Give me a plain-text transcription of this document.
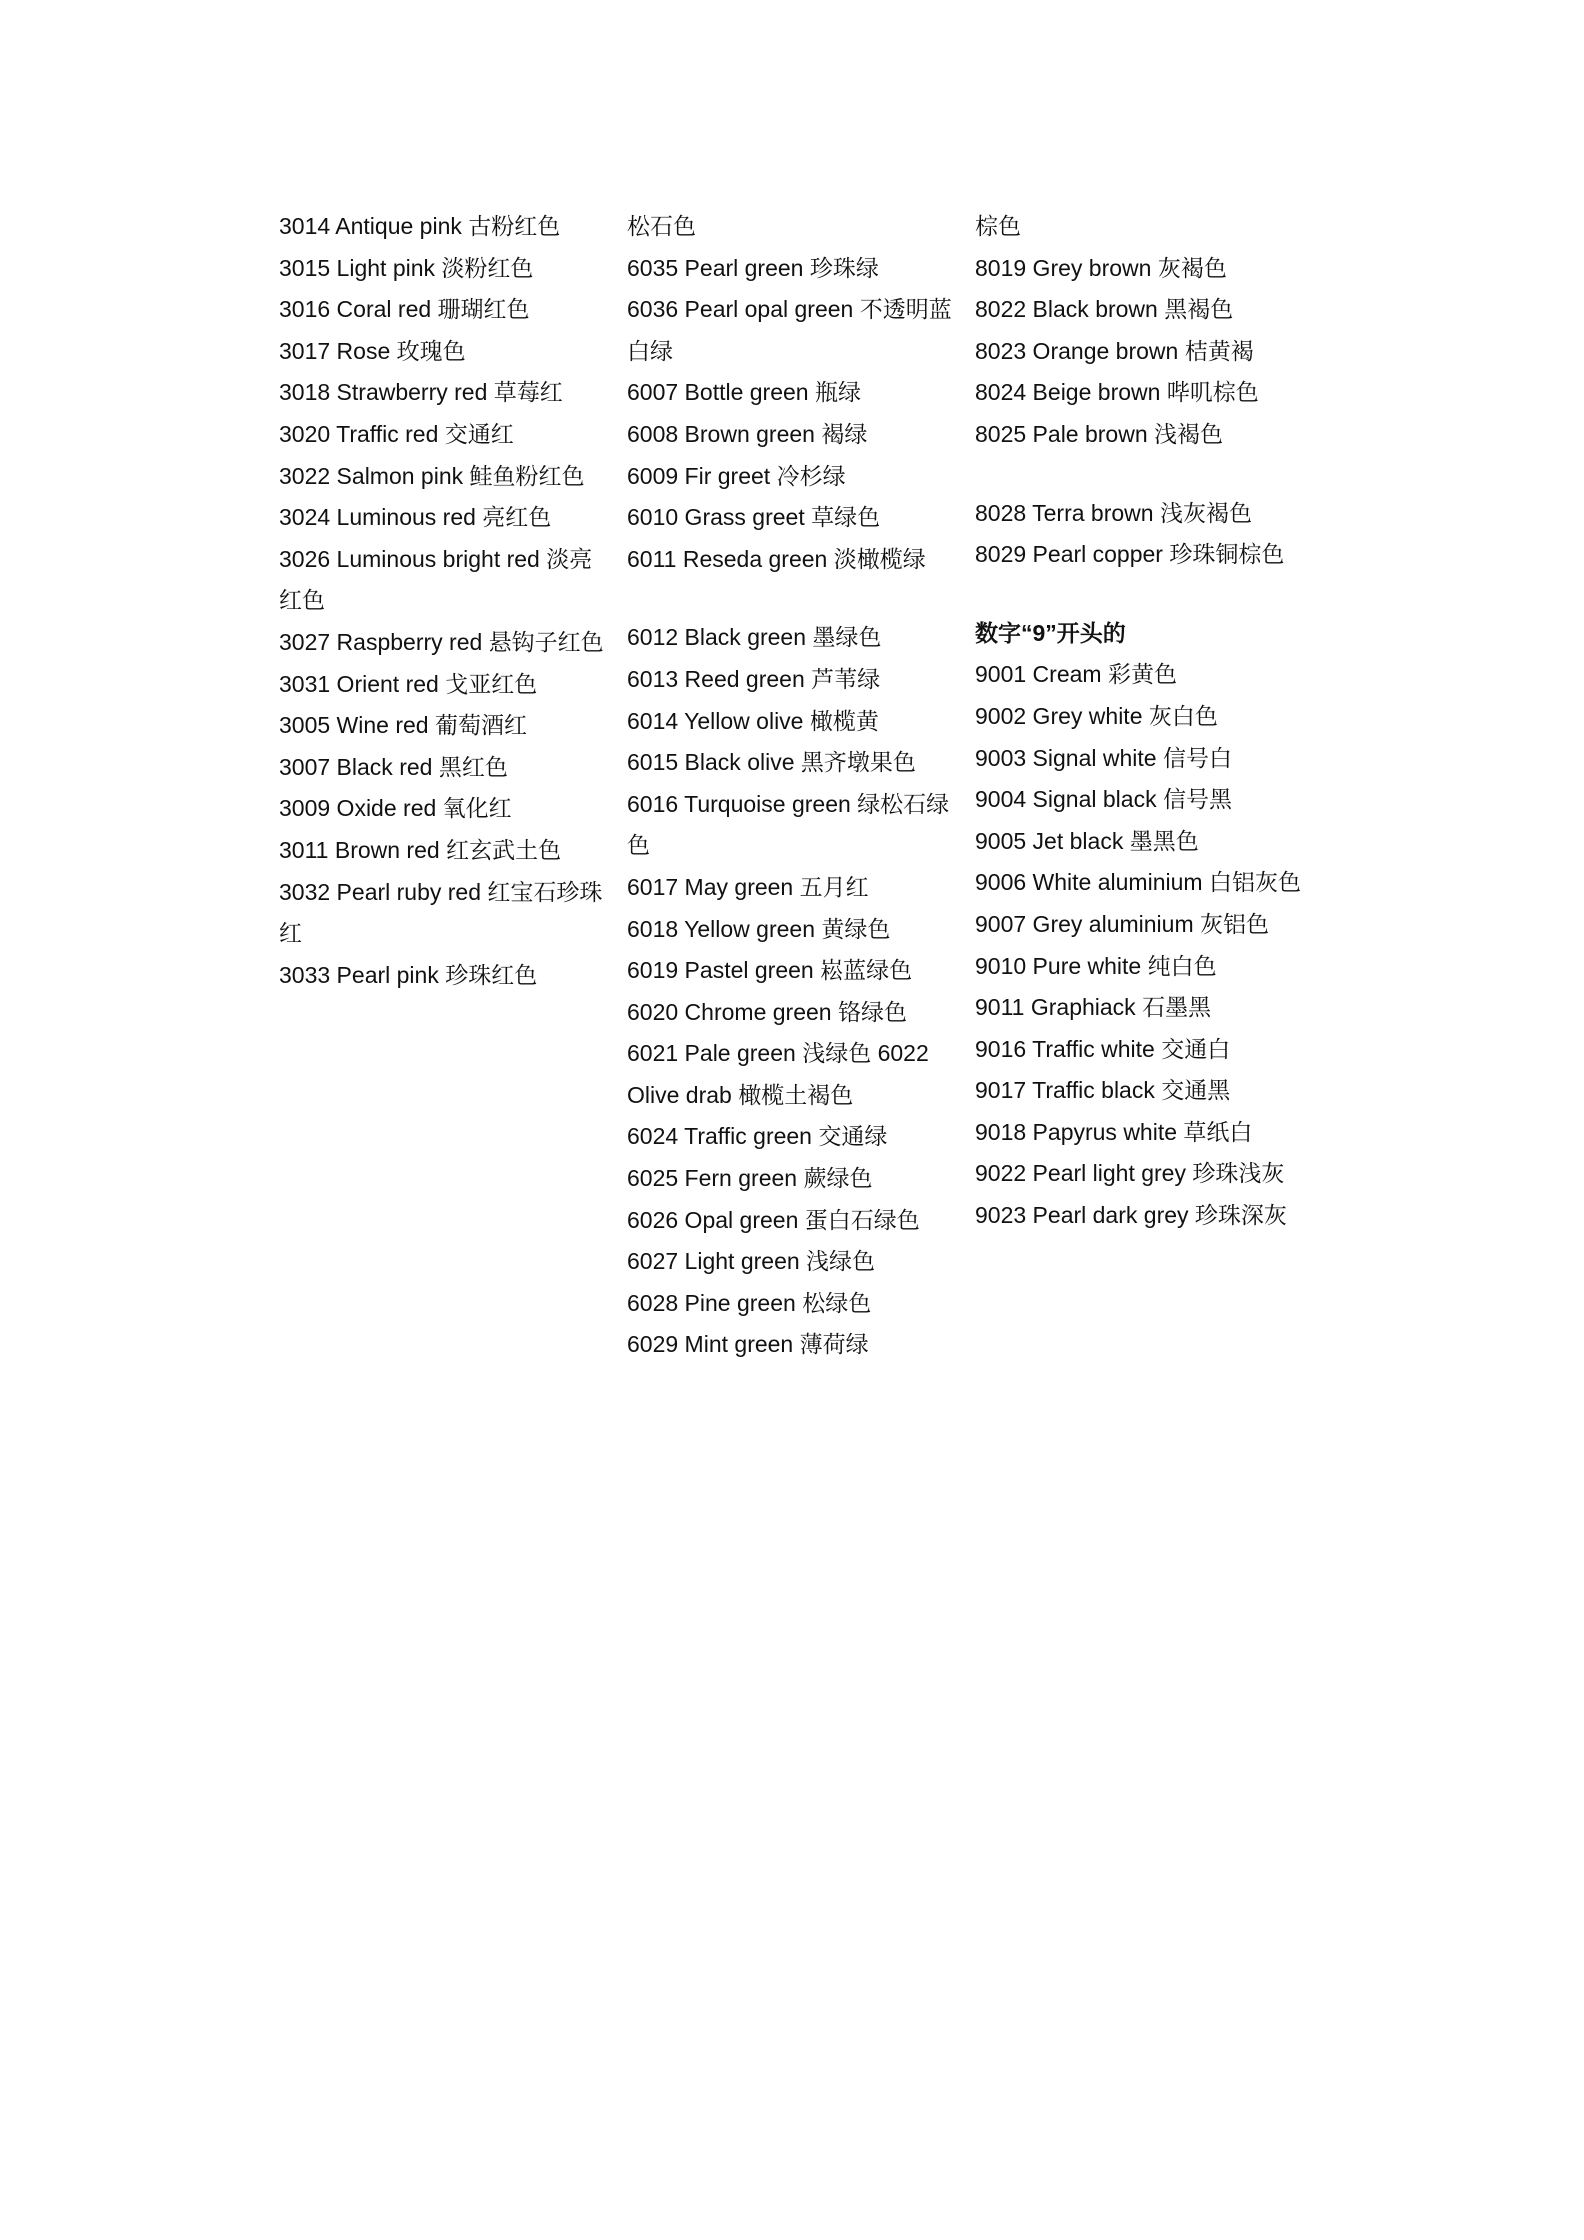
3014 Antique pink 古粉红色
3015 Light pink 淡粉红色
3016 Coral red 珊瑚红色
3017 Rose 玫瑰色
3018 Strawberry red 草莓红
3020 Traffic red 交通红
3022 Salmon pink 鲑鱼粉红色
3024 Luminous red 亮红色
3026 Luminous bright red 淡亮红色
3027 Raspberry red 悬钩子红色
3031 Orient red 戈亚红色
3005 Wine red 葡萄酒红
3007 Black red 黑红色
3009 Oxide red 氧化红
3011 Brown red 红玄武土色
3032 Pearl ruby red 红宝石珍珠红
3033 Pearl pink 珍珠红色
松石色
6035 Pearl green 珍珠绿
6036 Pearl opal green 不透明蓝白绿
6007 Bottle green 瓶绿
6008 Brown green 褐绿
6009 Fir greet 冷杉绿
6010 Grass greet 草绿色
6011 Reseda green 淡橄榄绿
6012 Black green 墨绿色
6013 Reed green 芦苇绿
6014 Yellow olive 橄榄黄
6015 Black olive 黑齐墩果色
6016 Turquoise green 绿松石绿色
6017 May green 五月红
6018 Yellow green 黄绿色
6019 Pastel green 崧蓝绿色
6020 Chrome green 铬绿色
6021 Pale green 浅绿色 6022 Olive drab 橄榄土褐色
6024 Traffic green 交通绿
6025 Fern green 蕨绿色
6026 Opal green 蛋白石绿色
6027 Light green 浅绿色
6028 Pine green 松绿色
6029 Mint green 薄荷绿
棕色
8019 Grey brown 灰褐色
8022 Black brown 黑褐色
8023 Orange brown 桔黄褐
8024 Beige brown 哔叽棕色
8025 Pale brown 浅褐色
8028 Terra brown 浅灰褐色
8029 Pearl copper 珍珠铜棕色
数字“9”开头的
9001 Cream 彩黄色
9002 Grey white 灰白色
9003 Signal white 信号白
9004 Signal black 信号黑
9005 Jet black 墨黑色
9006 White aluminium 白铝灰色
9007 Grey aluminium 灰铝色
9010 Pure white 纯白色
9011 Graphiack 石墨黑
9016 Traffic white 交通白
9017 Traffic black 交通黑
9018 Papyrus white 草纸白
9022 Pearl light grey 珍珠浅灰
9023 Pearl dark grey 珍珠深灰
